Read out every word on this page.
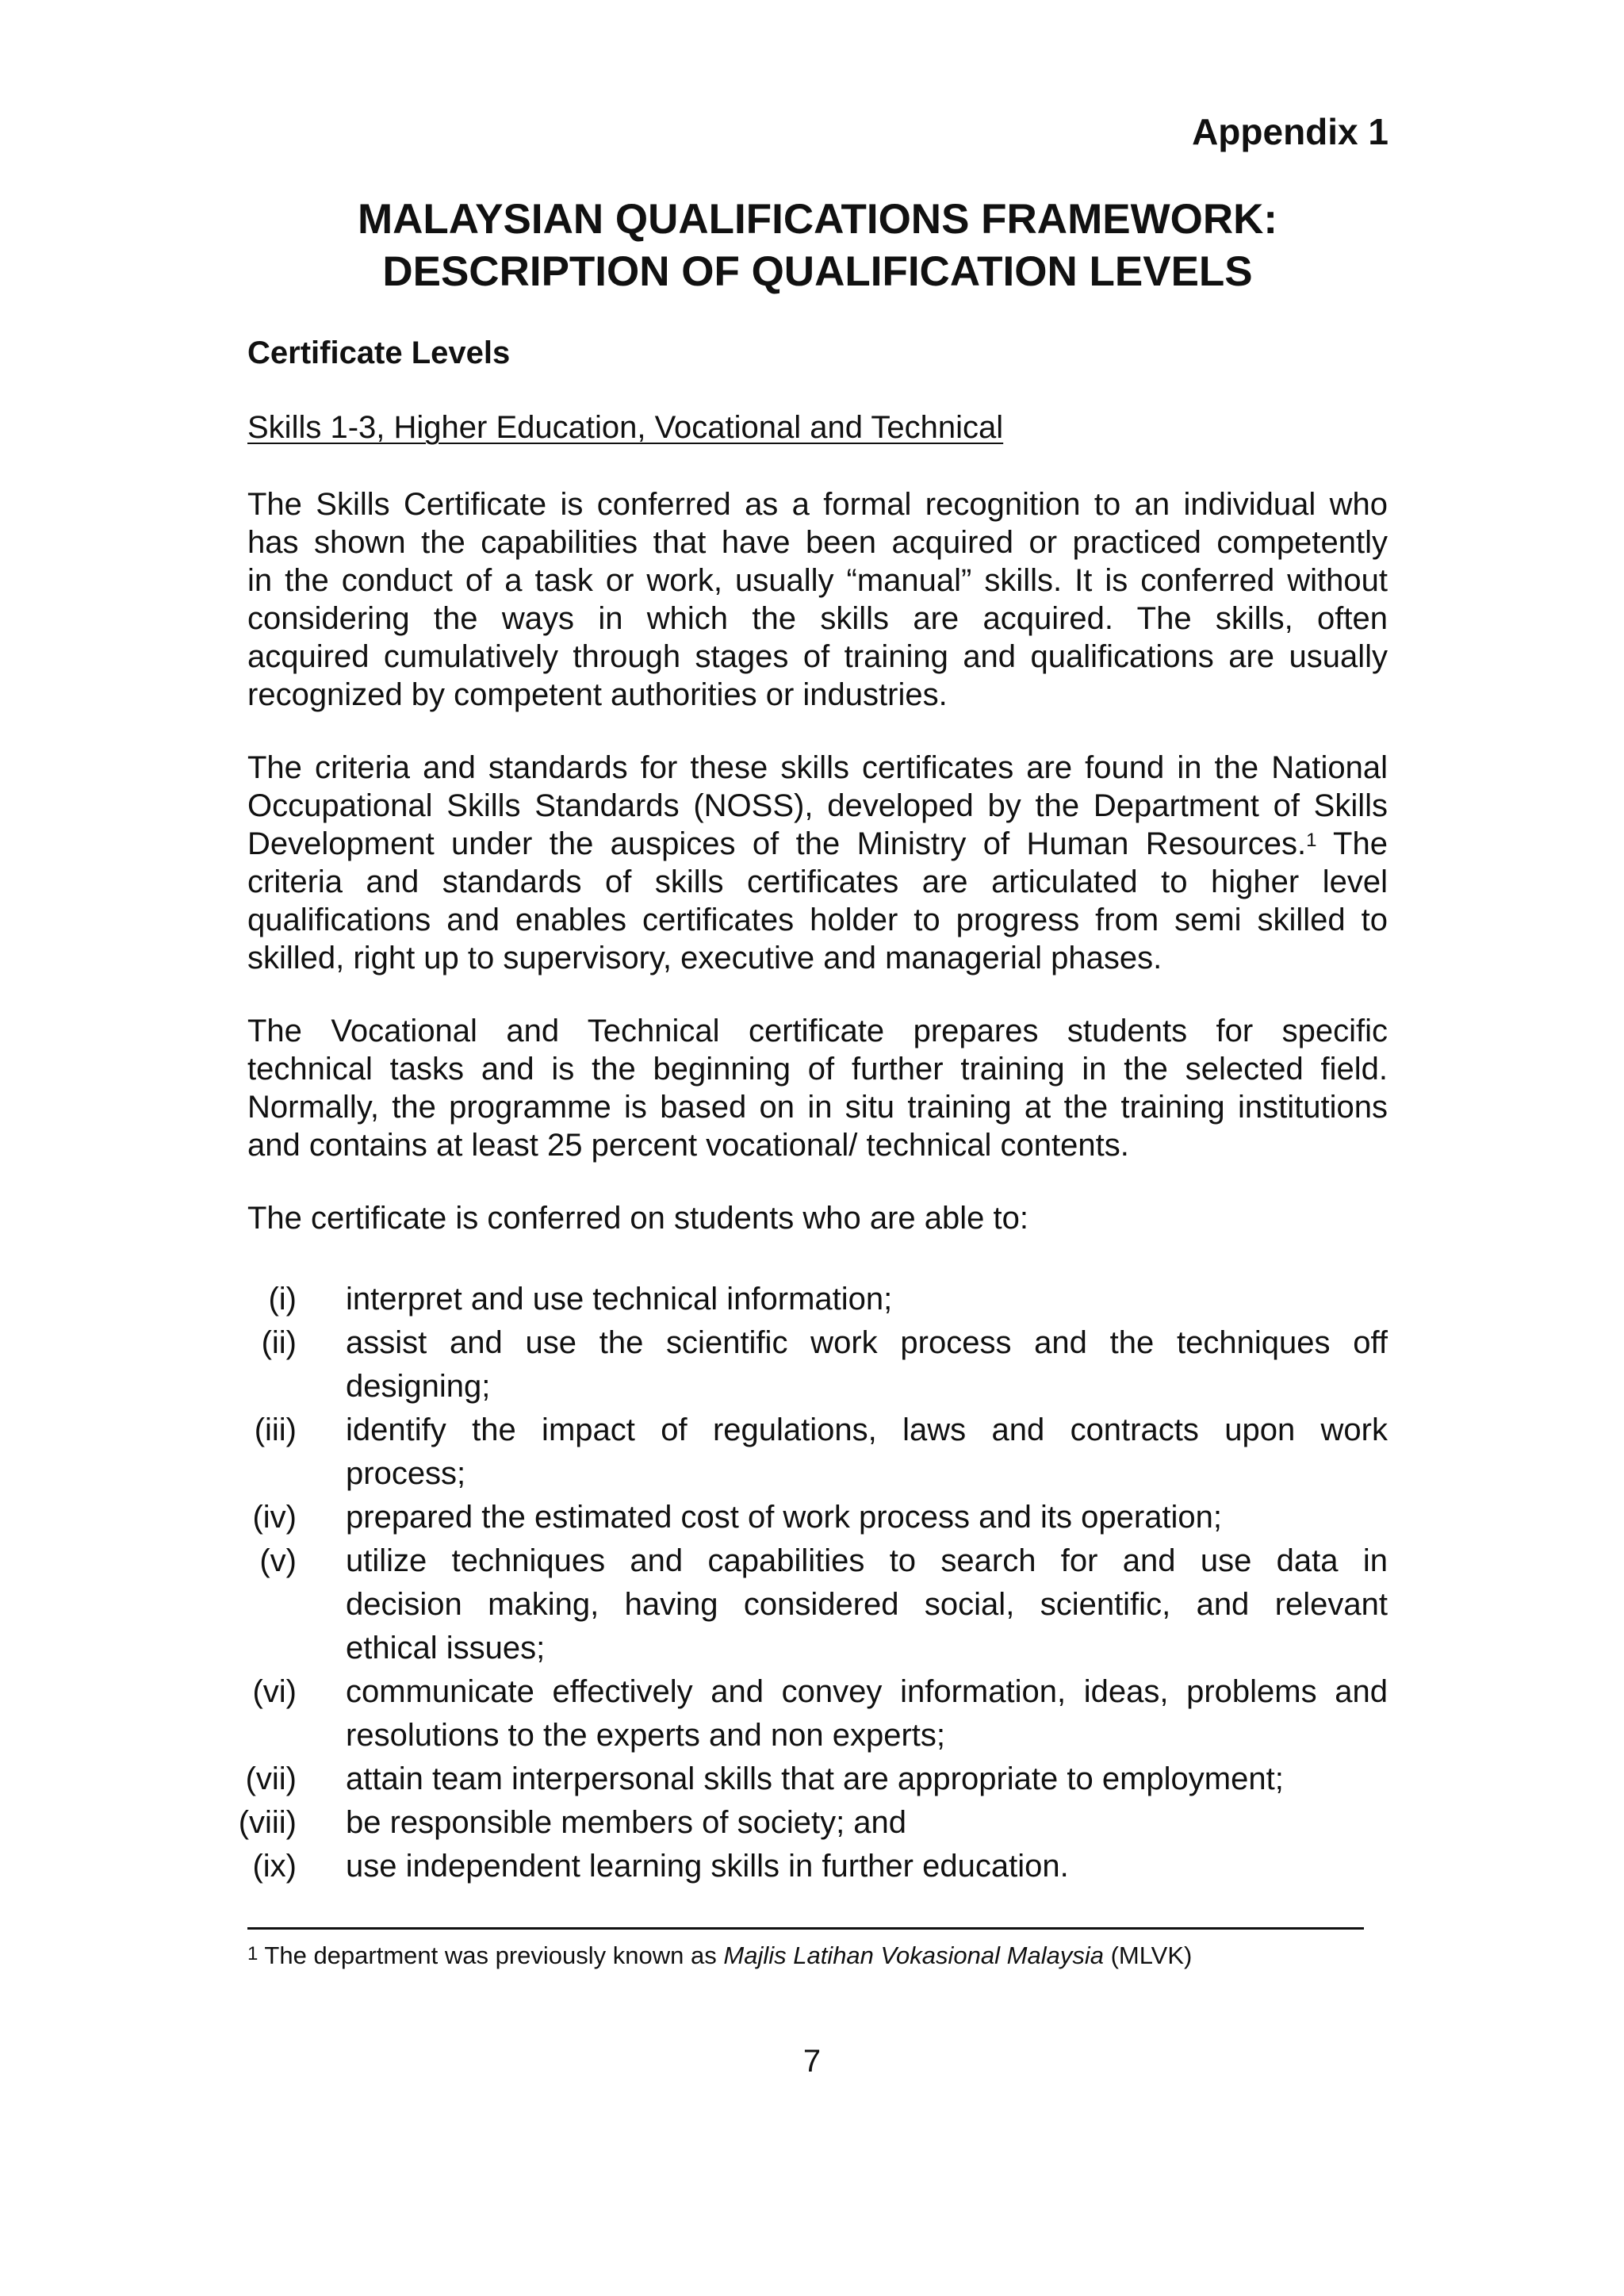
Appendix 1
MALAYSIAN QUALIFICATIONS FRAMEWORK:
DESCRIPTION OF QUALIFICATION LEVELS
Certificate Levels
Skills 1-3, Higher Education, Vocational and Technical
The Skills Certificate is conferred as a formal recognition to an individual who
has shown the capabilities that have been acquired or practiced competently
in the conduct of a task or work, usually “manual” skills. It is conferred without
considering the ways in which the skills are acquired. The skills, often
acquired cumulatively through stages of training and qualifications are usually
recognized by competent authorities or industries.
The criteria and standards for these skills certificates are found in the National
Occupational Skills Standards (NOSS), developed by the Department of Skills
Development under the auspices of the Ministry of Human Resources.$^1$ The
criteria and standards of skills certificates are articulated to higher level
qualifications and enables certificates holder to progress from semi skilled to
skilled, right up to supervisory, executive and managerial phases.
The Vocational and Technical certificate prepares students for specific
technical tasks and is the beginning of further training in the selected field.
Normally, the programme is based on in situ training at the training institutions
and contains at least 25 percent vocational/ technical contents.
The certificate is conferred on students who are able to:
(i) interpret and use technical information;
(ii) assist and use the scientific work process and the techniques off
designing;
(iii) identify the impact of regulations, laws and contracts upon work
process;
(iv) prepared the estimated cost of work process and its operation;
(v) utilize techniques and capabilities to search for and use data in
decision making, having considered social, scientific, and relevant
ethical issues;
(vi) communicate effectively and convey information, ideas, problems and
resolutions to the experts and non experts;
(vii) attain team interpersonal skills that are appropriate to employment;
(viii) be responsible members of society; and
(ix) use independent learning skills in further education.
$^1$ The department was previously known as Majlis Latihan Vokasional Malaysia (MLVK)
7
